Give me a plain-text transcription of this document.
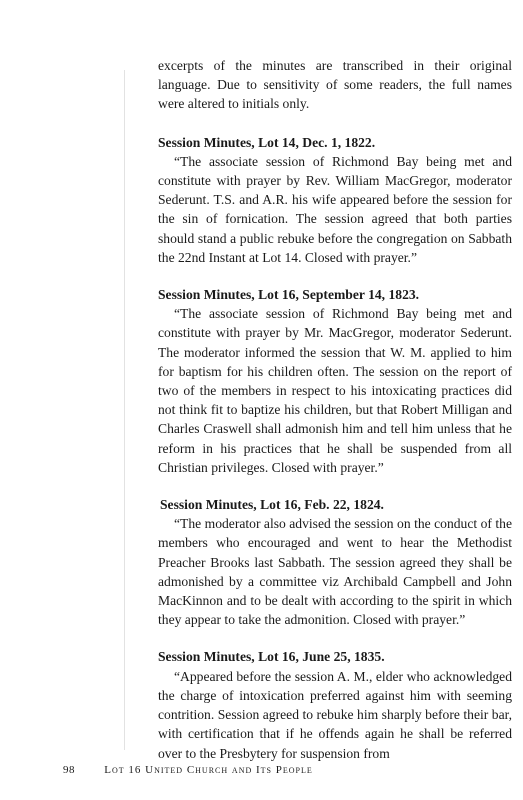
excerpts of the minutes are transcribed in their original language. Due to sensitivity of some readers, the full names were altered to initials only.

Session Minutes, Lot 14, Dec. 1, 1822.

“The associate session of Richmond Bay being met and constitute with prayer by Rev. William MacGregor, moderator Sederunt. T.S. and A.R. his wife appeared before the session for the sin of fornication. The session agreed that both parties should stand a public rebuke before the congregation on Sabbath the 22nd Instant at Lot 14. Closed with prayer.”

Session Minutes, Lot 16, September 14, 1823.

“The associate session of Richmond Bay being met and constitute with prayer by Mr. MacGregor, moderator Sederunt. The moderator informed the session that W. M. applied to him for baptism for his children often. The session on the report of two of the members in respect to his intoxicating practices did not think fit to baptize his children, but that Robert Milligan and Charles Craswell shall admonish him and tell him unless that he reform in his practices that he shall be suspended from all Christian privileges. Closed with prayer.”

Session Minutes, Lot 16, Feb. 22, 1824.

“The moderator also advised the session on the conduct of the members who encouraged and went to hear the Methodist Preacher Brooks last Sabbath. The session agreed they shall be admonished by a committee viz Archibald Campbell and John MacKinnon and to be dealt with according to the spirit in which they appear to take the admonition. Closed with prayer.”

Session Minutes, Lot 16, June 25, 1835.

“Appeared before the session A. M., elder who acknowledged the charge of intoxication preferred against him with seeming contrition. Session agreed to rebuke him sharply before their bar, with certification that if he offends again he shall be referred over to the Presbytery for suspension from

98	Lot 16 United Church and Its People
